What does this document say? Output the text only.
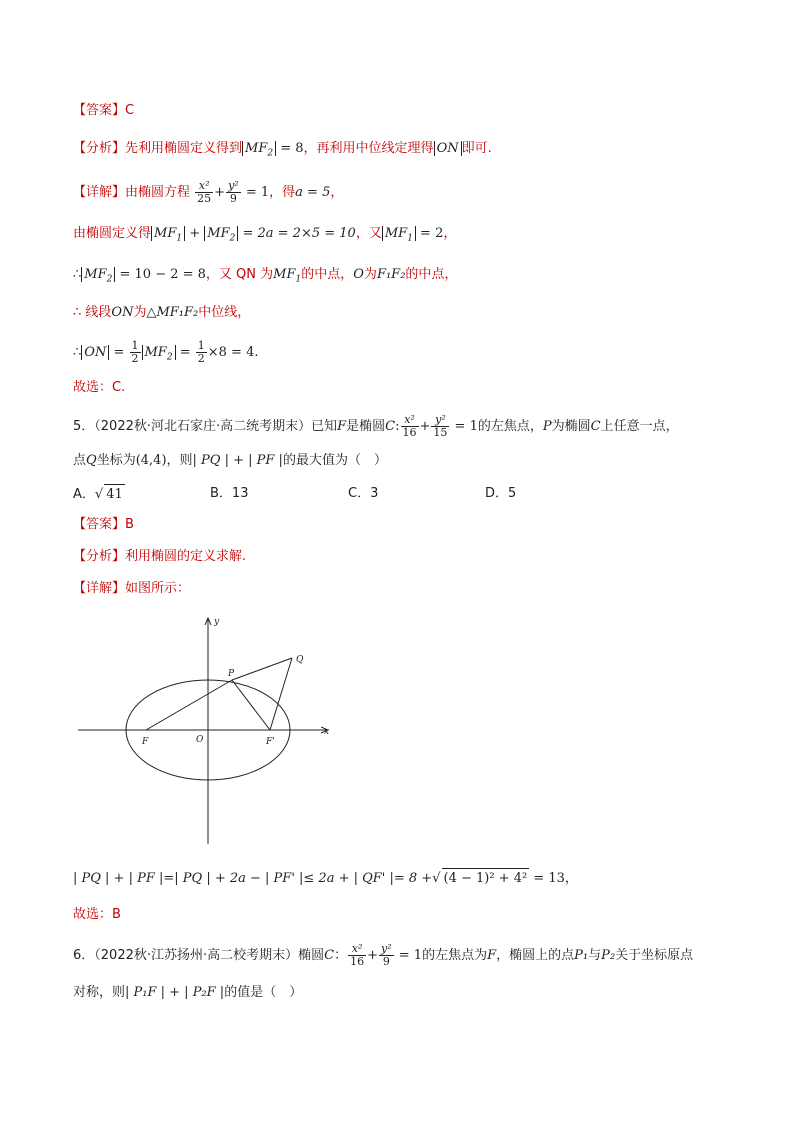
【答案】C
【分析】先利用椭圆定义得到 $MF_2 = 8$，再利用中位线定理得 ON 即可.
【详解】由椭圆方程 $\frac{\text{x²}}{25} + \frac{\text{y²}}{9} = 1$，得a = 5，
由椭圆定义得 $MF_1 + MF_2 = 2a = 2\times 5 = 10$，又 $MF_1 = 2$，
∴ $MF_2 = 10 - 2 = 8$，又 QN 为$MF_1$的中点，O为F₁F₂的中点，
∴ 线段ON为△MF₁F₂中位线，
∴ ON = $\frac{1}{2} MF_2 = \frac{1}{2} \times 8 = 4$.
故选：C.
5．（2022秋·河北石家庄·高二统考期末）已知F是椭圆C: $\frac{\text{x²}}{16} + \frac{\text{y²}}{15} = 1$的左焦点，P为椭圆C上任意一点，
点Q坐标为(4,4)，则| PQ | + | PF |的最大值为（　）
A．√ 41	B．13	C．3	D．5
【答案】B
【分析】利用椭圆的定义求解.
【详解】如图所示：
y
x
P
Q
F	O	F'
| PQ | + | PF |=| PQ | + 2a − | PF' |≤ 2a + | QF' |= 8 +√ (4 − 1)² + 4² = 13，
故选：B
6．（2022秋·江苏扬州·高二校考期末）椭圆C： $\frac{\text{x²}}{16} + \frac{\text{y²}}{9} = 1$的左焦点为F，椭圆上的点P₁与P₂关于坐标原点
对称，则| P₁F | + | P₂F |的值是（　）
